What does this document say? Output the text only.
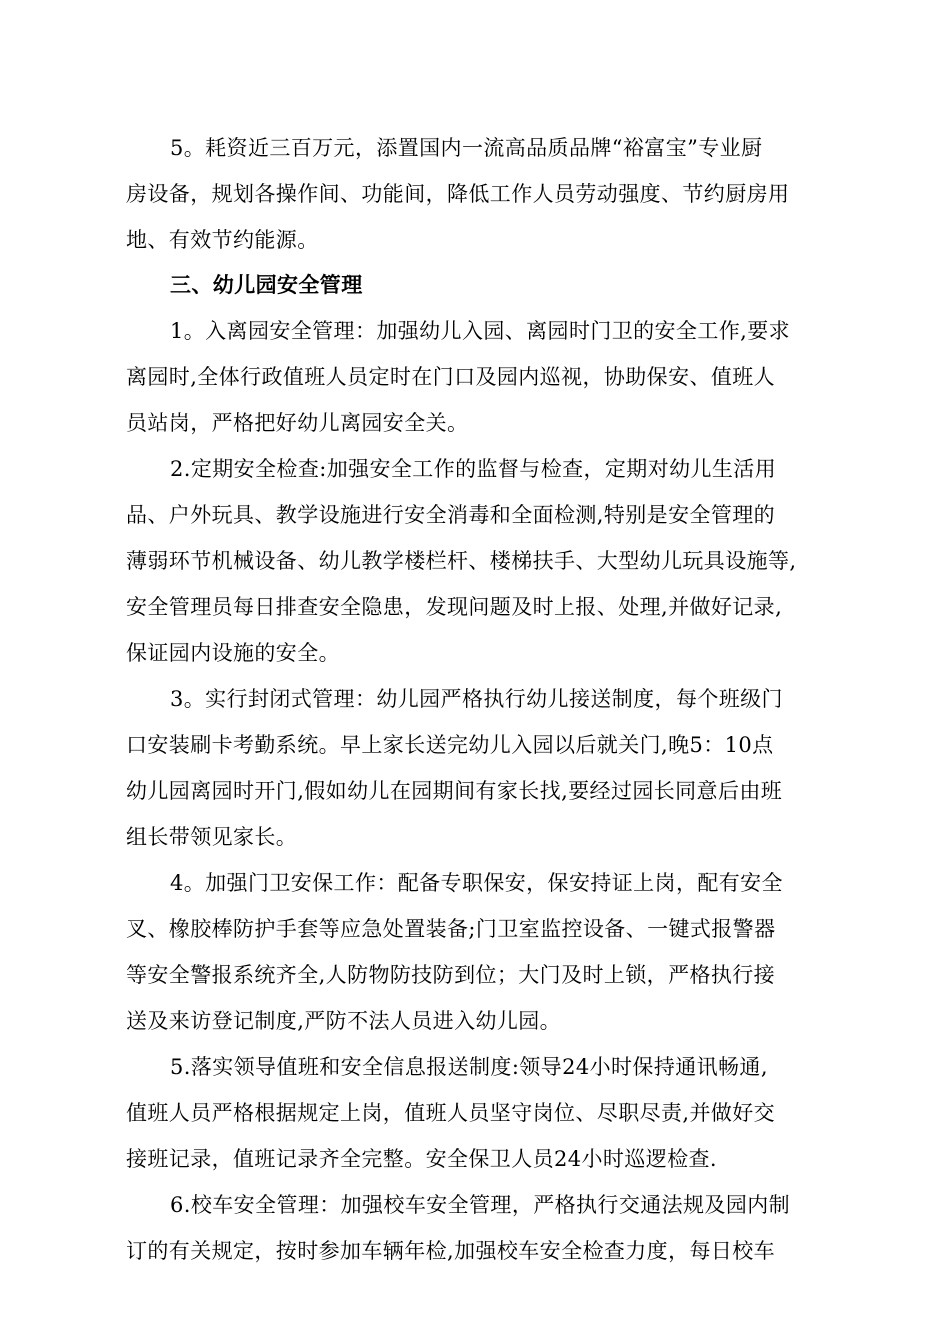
5。耗资近三百万元，添置国内一流高品质品牌“裕富宝”专业厨
房设备，规划各操作间、功能间，降低工作人员劳动强度、节约厨房用
地、有效节约能源。
三、幼儿园安全管理
1。入离园安全管理：加强幼儿入园、离园时门卫的安全工作,要求
离园时,全体行政值班人员定时在门口及园内巡视，协助保安、值班人
员站岗，严格把好幼儿离园安全关。
2.定期安全检查:加强安全工作的监督与检查，定期对幼儿生活用
品、户外玩具、教学设施进行安全消毒和全面检测,特别是安全管理的
薄弱环节机械设备、幼儿教学楼栏杆、楼梯扶手、大型幼儿玩具设施等,
安全管理员每日排查安全隐患，发现问题及时上报、处理,并做好记录,
保证园内设施的安全。
3。实行封闭式管理：幼儿园严格执行幼儿接送制度，每个班级门
口安装刷卡考勤系统。早上家长送完幼儿入园以后就关门,晚5：10点
幼儿园离园时开门,假如幼儿在园期间有家长找,要经过园长同意后由班
组长带领见家长。
4。加强门卫安保工作：配备专职保安，保安持证上岗，配有安全
叉、橡胶棒防护手套等应急处置装备;门卫室监控设备、一键式报警器
等安全警报系统齐全,人防物防技防到位；大门及时上锁，严格执行接
送及来访登记制度,严防不法人员进入幼儿园。
5.落实领导值班和安全信息报送制度:领导24小时保持通讯畅通,
值班人员严格根据规定上岗，值班人员坚守岗位、尽职尽责,并做好交
接班记录，值班记录齐全完整。安全保卫人员24小时巡逻检查.
6.校车安全管理：加强校车安全管理，严格执行交通法规及园内制
订的有关规定，按时参加车辆年检,加强校车安全检查力度，每日校车
